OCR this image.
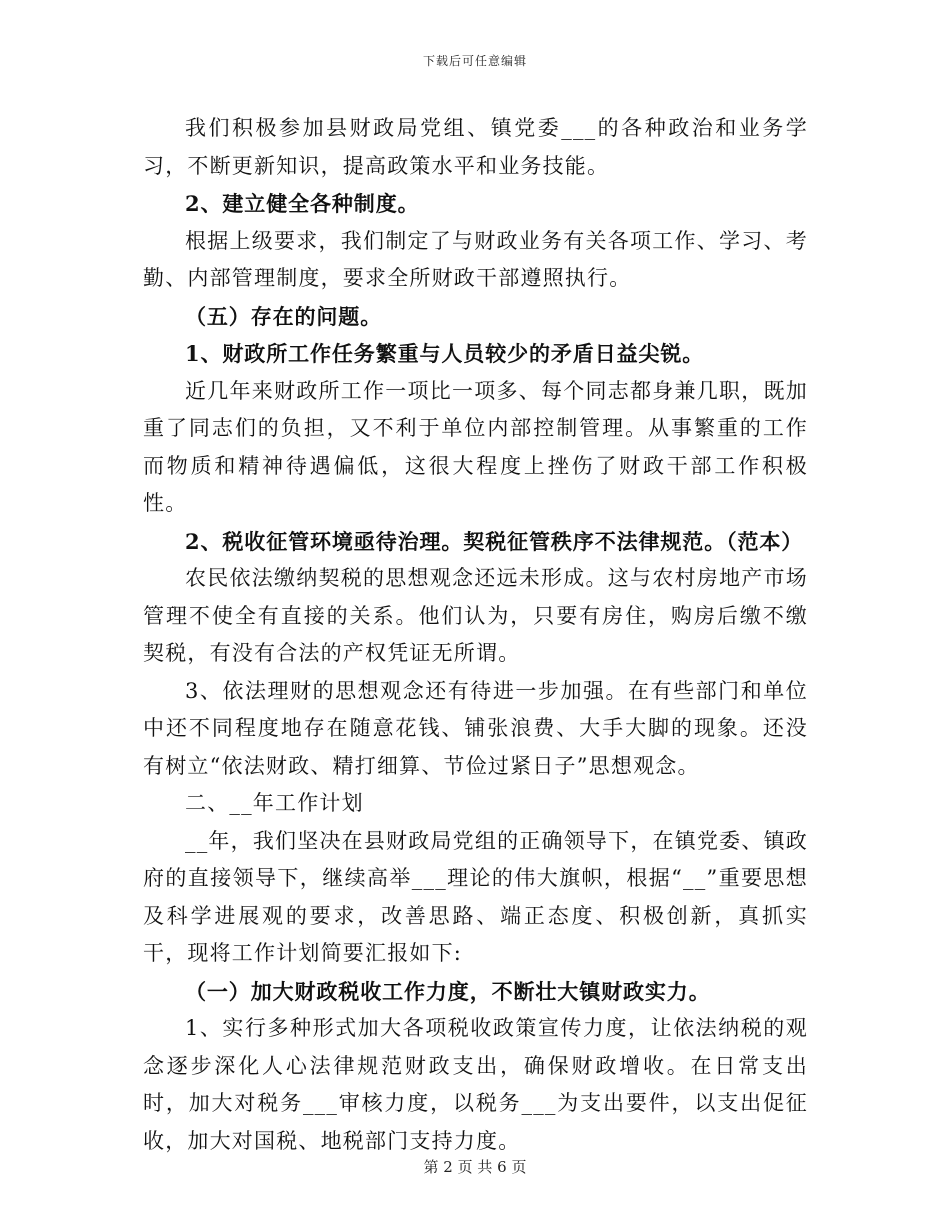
下载后可任意编辑

我们积极参加县财政局党组、镇党委___的各种政治和业务学习，不断更新知识，提高政策水平和业务技能。

2、建立健全各种制度。

根据上级要求，我们制定了与财政业务有关各项工作、学习、考勤、内部管理制度，要求全所财政干部遵照执行。

（五）存在的问题。

1、财政所工作任务繁重与人员较少的矛盾日益尖锐。

近几年来财政所工作一项比一项多、每个同志都身兼几职，既加重了同志们的负担，又不利于单位内部控制管理。从事繁重的工作而物质和精神待遇偏低，这很大程度上挫伤了财政干部工作积极性。

2、税收征管环境亟待治理。契税征管秩序不法律规范。（范本）

农民依法缴纳契税的思想观念还远未形成。这与农村房地产市场管理不使全有直接的关系。他们认为，只要有房住，购房后缴不缴契税，有没有合法的产权凭证无所谓。

3、依法理财的思想观念还有待进一步加强。在有些部门和单位中还不同程度地存在随意花钱、铺张浪费、大手大脚的现象。还没有树立“依法财政、精打细算、节俭过紧日子”思想观念。

二、__年工作计划

__年，我们坚决在县财政局党组的正确领导下，在镇党委、镇政府的直接领导下，继续高举___理论的伟大旗帜，根据“__”重要思想及科学进展观的要求，改善思路、端正态度、积极创新，真抓实干，现将工作计划简要汇报如下:

（一）加大财政税收工作力度，不断壮大镇财政实力。

1、实行多种形式加大各项税收政策宣传力度，让依法纳税的观念逐步深化人心法律规范财政支出，确保财政增收。在日常支出时，加大对税务___审核力度，以税务___为支出要件，以支出促征收，加大对国税、地税部门支持力度。

第 2 页 共 6 页
